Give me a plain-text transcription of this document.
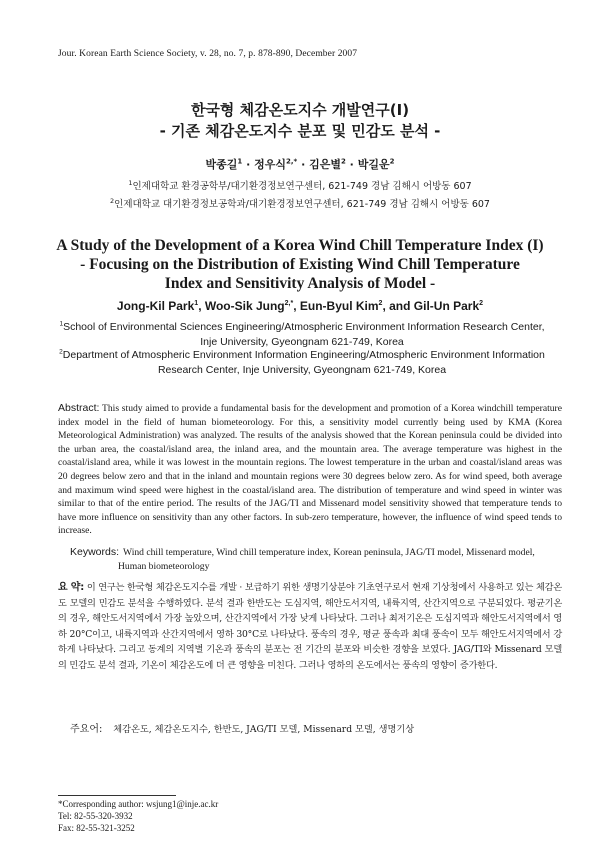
Jour. Korean Earth Science Society, v. 28, no. 7, p. 878-890, December 2007
한국형 체감온도지수 개발연구(I)
- 기존 체감온도지수 분포 및 민감도 분석 -
박종길$^1$ · 정우식$^{2,*}$ · 김은별$^2$ · 박길운$^2$
$^1$인제대학교 환경공학부/대기환경정보연구센터, 621-749 경남 김해시 어방동 607
$^2$인제대학교 대기환경정보공학과/대기환경정보연구센터, 621-749 경남 김해시 어방동 607
A Study of the Development of a Korea Wind Chill Temperature Index (I)
- Focusing on the Distribution of Existing Wind Chill Temperature
Index and Sensitivity Analysis of Model -
Jong-Kil Park$^1$, Woo-Sik Jung$^{2,*}$, Eun-Byul Kim$^2$, and Gil-Un Park$^2$
$^1$School of Environmental Sciences Engineering/Atmospheric Environment Information Research Center,
Inje University, Gyeongnam 621-749, Korea
$^2$Department of Atmospheric Environment Information Engineering/Atmospheric Environment Information
Research Center, Inje University, Gyeongnam 621-749, Korea
Abstract: This study aimed to provide a fundamental basis for the development and promotion of a Korea windchill temperature index model in the field of human biometeorology. For this, a sensitivity model currently being used by KMA (Korea Meteorological Administration) was analyzed. The results of the analysis showed that the Korean peninsula could be divided into the urban area, the coastal/island area, the inland area, and the mountain area. The average temperature was highest in the coastal/island area, while it was lowest in the mountain regions. The lowest temperature in the urban and coastal/island areas was 20 degrees below zero and that in the inland and mountain regions were 30 degrees below zero. As for wind speed, both average and maximum wind speed were highest in the coastal/island area. The distribution of temperature and wind speed in winter was similar to that of the entire period. The results of the JAG/TI and Missenard model sensitivity showed that temperature tends to have more influence on sensitivity than any other factors. In sub-zero temperature, however, the influence of wind speed tends to increase.
Keywords: Wind chill temperature, Wind chill temperature index, Korean peninsula, JAG/TI model, Missenard model,
Human biometeorology
요 약: 이 연구는 한국형 체감온도지수를 개발 · 보급하기 위한 생명기상분야 기초연구로서 현재 기상청에서 사용하고 있는 체감온도 모델의 민감도 분석을 수행하였다. 분석 결과 한반도는 도심지역, 해안도서지역, 내륙지역, 산간지역으로 구분되었다. 평균기온의 경우, 해안도서지역에서 가장 높았으며, 산간지역에서 가장 낮게 나타났다. 그러나 최저기온은 도심지역과 해안도서지역에서 영하 20°C이고, 내륙지역과 산간지역에서 영하 30°C로 나타났다. 풍속의 경우, 평균 풍속과 최대 풍속이 모두 해안도서지역에서 강하게 나타났다. 그리고 동계의 지역별 기온과 풍속의 분포는 전 기간의 분포와 비슷한 경향을 보였다. JAG/TI와 Missenard 모델의 민감도 분석 결과, 기온이 체감온도에 더 큰 영향을 미친다. 그러나 영하의 온도에서는 풍속의 영향이 증가한다.
주요어: 체감온도, 체감온도지수, 한반도, JAG/TI 모델, Missenard 모델, 생명기상
*Corresponding author: wsjung1@inje.ac.kr
Tel: 82-55-320-3932
Fax: 82-55-321-3252
